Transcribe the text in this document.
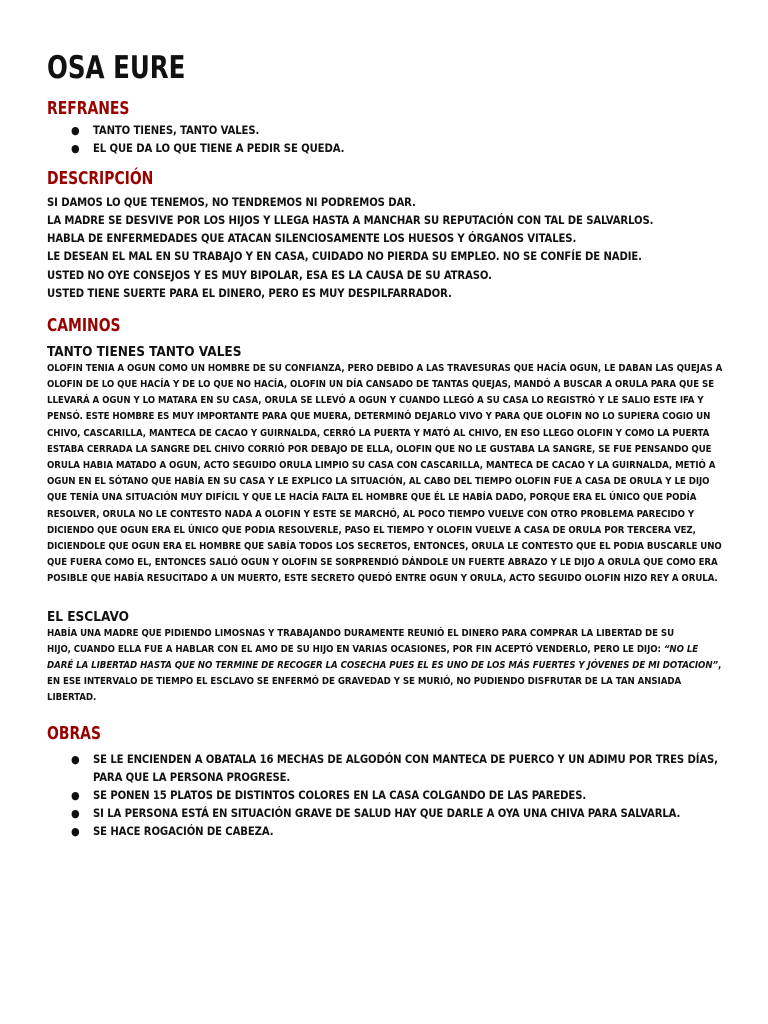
OSA EURE
REFRANES
● TANTO TIENES, TANTO VALES.
● EL QUE DA LO QUE TIENE A PEDIR SE QUEDA.
DESCRIPCIÓN

SI DAMOS LO QUE TENEMOS, NO TENDREMOS NI PODREMOS DAR.

LA MADRE SE DESVIVE POR LOS HIJOS Y LLEGA HASTA A MANCHAR SU REPUTACIÓN CON TAL DE SALVARLOS.

HABLA DE ENFERMEDADES QUE ATACAN SILENCIOSAMENTE LOS HUESOS Y ÓRGANOS VITALES.

LE DESEAN EL MAL EN SU TRABAJO Y EN CASA, CUIDADO NO PIERDA SU EMPLEO. NO SE CONFÍE DE NADIE.

USTED NO OYE CONSEJOS Y ES MUY BIPOLAR, ESA ES LA CAUSA DE SU ATRASO.

USTED TIENE SUERTE PARA EL DINERO, PERO ES MUY DESPILFARRADOR.

CAMINOS
TANTO TIENES TANTO VALES

OLOFIN TENIA A OGUN COMO UN HOMBRE DE SU CONFIANZA, PERO DEBIDO A LAS TRAVESURAS QUE HACÍA OGUN, LE DABAN LAS QUEJAS A OLOFIN DE LO QUE HACÍA Y DE LO QUE NO HACÍA, OLOFIN UN DÍA CANSADO DE TANTAS QUEJAS, MANDÓ A BUSCAR A ORULA PARA QUE SE LLEVARÁ A OGUN Y LO MATARA EN SU CASA, ORULA SE LLEVÓ A OGUN Y CUANDO LLEGÓ A SU CASA LO REGISTRÓ Y LE SALIO ESTE IFA Y PENSÓ. ESTE HOMBRE ES MUY IMPORTANTE PARA QUE MUERA, DETERMINÓ DEJARLO VIVO Y PARA QUE OLOFIN NO LO SUPIERA COGIO UN CHIVO, CASCARILLA, MANTECA DE CACAO Y GUIRNALDA, CERRÓ LA PUERTA Y MATÓ AL CHIVO, EN ESO LLEGO OLOFIN Y COMO LA PUERTA ESTABA CERRADA LA SANGRE DEL CHIVO CORRIÓ POR DEBAJO DE ELLA, OLOFIN QUE NO LE GUSTABA LA SANGRE, SE FUE PENSANDO QUE ORULA HABIA MATADO A OGUN, ACTO SEGUIDO ORULA LIMPIO SU CASA CON CASCARILLA, MANTECA DE CACAO Y LA GUIRNALDA, METIÓ A OGUN EN EL SÓTANO QUE HABÍA EN SU CASA Y LE EXPLICO LA SITUACIÓN, AL CABO DEL TIEMPO OLOFIN FUE A CASA DE ORULA Y LE DIJO QUE TENÍA UNA SITUACIÓN MUY DIFÍCIL Y QUE LE HACÍA FALTA EL HOMBRE QUE ÉL LE HABÍA DADO, PORQUE ERA EL ÚNICO QUE PODÍA RESOLVER, ORULA NO LE CONTESTO NADA A OLOFIN Y ESTE SE MARCHÓ, AL POCO TIEMPO VUELVE CON OTRO PROBLEMA PARECIDO Y DICIENDO QUE OGUN ERA EL ÚNICO QUE PODIA RESOLVERLE, PASO EL TIEMPO Y OLOFIN VUELVE A CASA DE ORULA POR TERCERA VEZ, DICIENDOLE QUE OGUN ERA EL HOMBRE QUE SABÍA TODOS LOS SECRETOS, ENTONCES, ORULA LE CONTESTO QUE EL PODIA BUSCARLE UNO QUE FUERA COMO EL, ENTONCES SALIÓ OGUN Y OLOFIN SE SORPRENDIÓ DÁNDOLE UN FUERTE ABRAZO Y LE DIJO A ORULA QUE COMO ERA POSIBLE QUE HABÍA RESUCITADO A UN MUERTO, ESTE SECRETO QUEDÓ ENTRE OGUN Y ORULA, ACTO SEGUIDO OLOFIN HIZO REY A ORULA.

EL ESCLAVO
HABÍA UNA MADRE QUE PIDIENDO LIMOSNAS Y TRABAJANDO DURAMENTE REUNIÓ EL DINERO PARA COMPRAR LA LIBERTAD DE SU
HIJO, CUANDO ELLA FUE A HABLAR CON EL AMO DE SU HIJO EN VARIAS OCASIONES, POR FIN ACEPTÓ VENDERLO, PERO LE DIJO: “NO LE DARÉ LA LIBERTAD HASTA QUE NO TERMINE DE RECOGER LA COSECHA PUES EL ES UNO DE LOS MÁS FUERTES Y JÓVENES DE MI DOTACION”, EN ESE INTERVALO DE TIEMPO EL ESCLAVO SE ENFERMÓ DE GRAVEDAD Y SE MURIÓ, NO PUDIENDO DISFRUTAR DE LA TAN ANSIADA LIBERTAD.
OBRAS
● SE LE ENCIENDEN A OBATALA 16 MECHAS DE ALGODÓN CON MANTECA DE PUERCO Y UN ADIMU POR TRES DÍAS, PARA QUE LA PERSONA PROGRESE.
● SE PONEN 15 PLATOS DE DISTINTOS COLORES EN LA CASA COLGANDO DE LAS PAREDES.
● SI LA PERSONA ESTÁ EN SITUACIÓN GRAVE DE SALUD HAY QUE DARLE A OYA UNA CHIVA PARA SALVARLA.
● SE HACE ROGACIÓN DE CABEZA.
